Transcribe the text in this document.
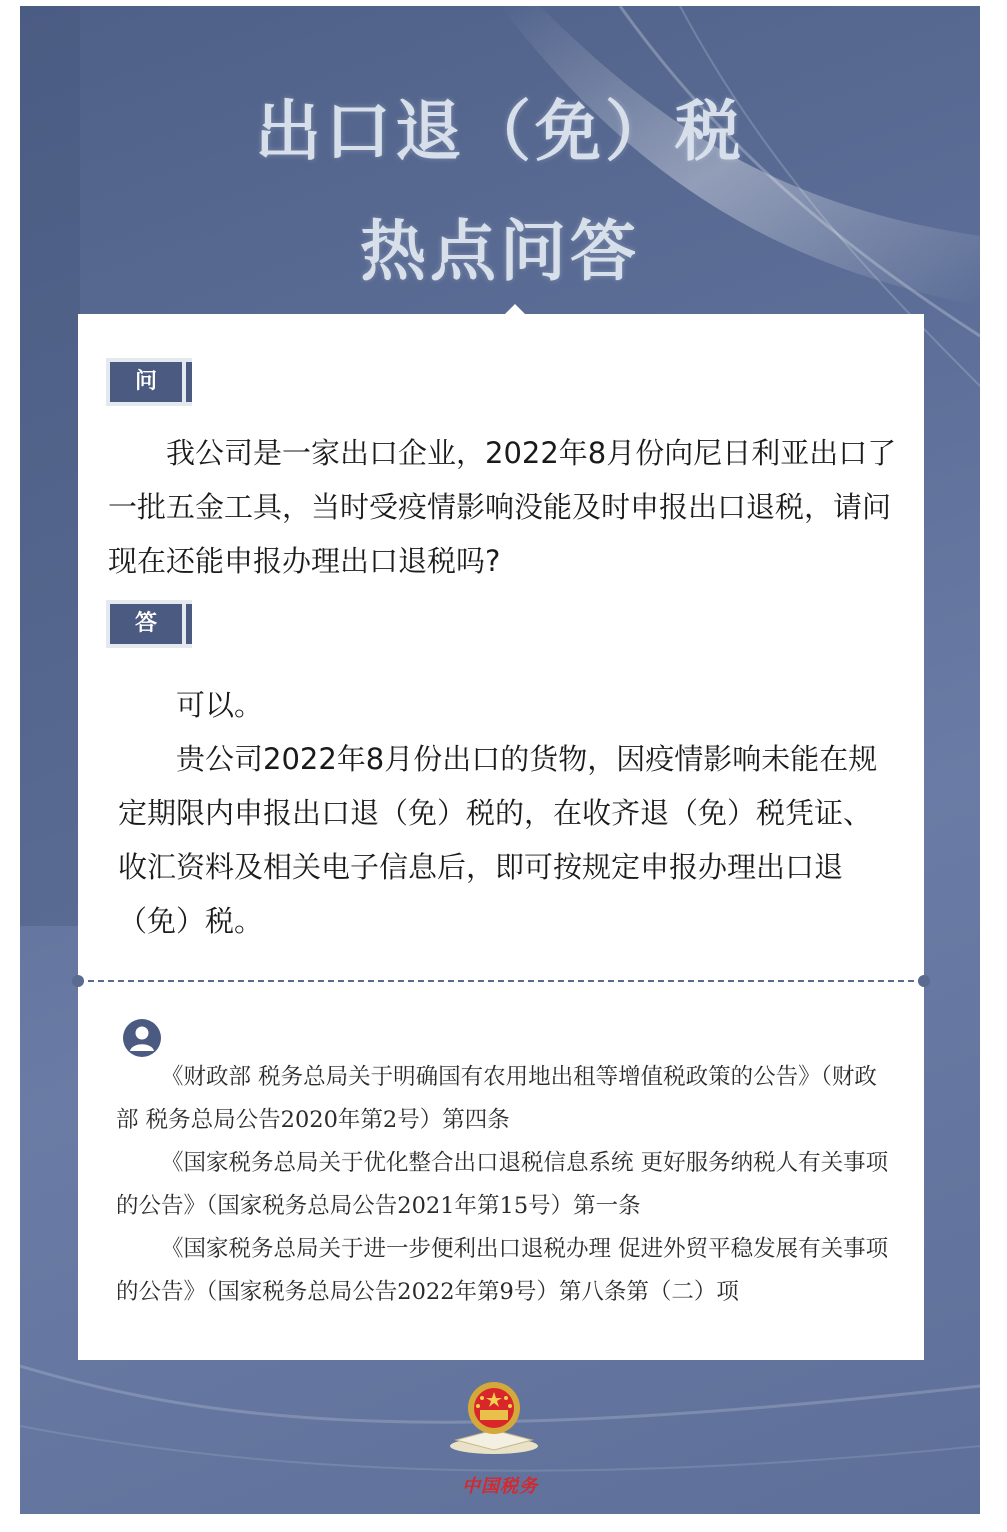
出口退（免）税
热点问答
问

我公司是一家出口企业，2022年8月份向尼日利亚出口了一批五金工具，当时受疫情影响没能及时申报出口退税，请问现在还能申报办理出口退税吗?

答

可以。

贵公司2022年8月份出口的货物，因疫情影响未能在规定期限内申报出口退（免）税的，在收齐退（免）税凭证、收汇资料及相关电子信息后，即可按规定申报办理出口退（免）税。

《财政部 税务总局关于明确国有农用地出租等增值税政策的公告》（财政部 税务总局公告2020年第2号）第四条

《国家税务总局关于优化整合出口退税信息系统 更好服务纳税人有关事项的公告》（国家税务总局公告2021年第15号）第一条

《国家税务总局关于进一步便利出口退税办理 促进外贸平稳发展有关事项的公告》（国家税务总局公告2022年第9号）第八条第（二）项

中国税务
